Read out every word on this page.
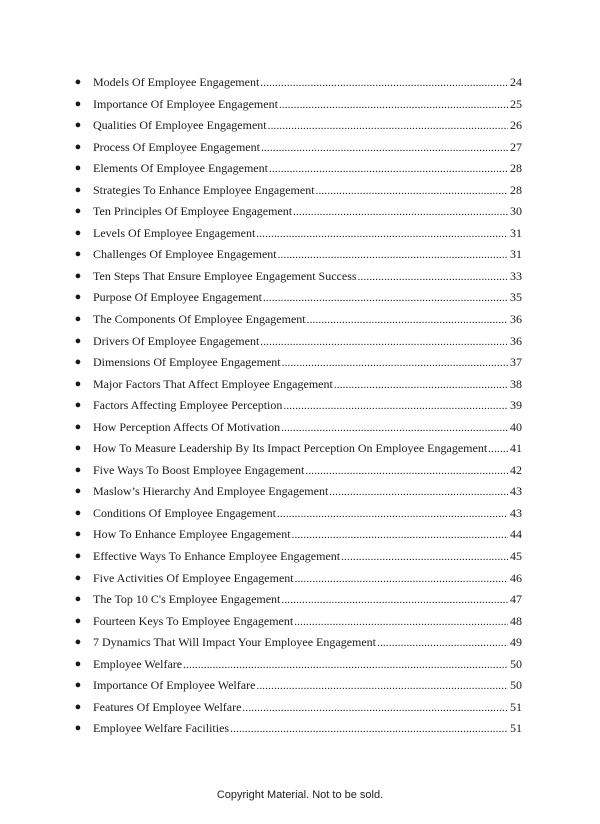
● Models Of Employee Engagement .....	24
● Importance Of Employee Engagement .....	25
● Qualities Of Employee Engagement .....	26
● Process Of Employee Engagement .....	27
● Elements Of Employee Engagement .....	28
● Strategies To Enhance Employee Engagement .....	28
● Ten Principles Of Employee Engagement .....	30
● Levels Of Employee Engagement .....	31
● Challenges Of Employee Engagement .....	31
● Ten Steps That Ensure Employee Engagement Success .....	33
● Purpose Of Employee Engagement .....	35
● The Components Of Employee Engagement .....	36
● Drivers Of Employee Engagement .....	36
● Dimensions Of Employee Engagement .....	37
● Major Factors That Affect Employee Engagement .....	38
● Factors Affecting Employee Perception .....	39
● How Perception Affects Of Motivation .....	40
● How To Measure Leadership By Its Impact Perception On Employee Engagement ..... 41
● Five Ways To Boost Employee Engagement .....	42
● Maslow’s Hierarchy And Employee Engagement .....	43
● Conditions Of Employee Engagement .....	43
● How To Enhance Employee Engagement .....	44
● Effective Ways To Enhance Employee Engagement .....	45
● Five Activities Of Employee Engagement .....	46
● The Top 10 C's Employee Engagement .....	47
● Fourteen Keys To Employee Engagement .....	48
● 7 Dynamics That Will Impact Your Employee Engagement .....	49
● Employee Welfare .....	50
● Importance Of Employee Welfare .....	50
● Features Of Employee Welfare .....	51
● Employee Welfare Facilities .....	51
Copyright Material. Not to be sold.
